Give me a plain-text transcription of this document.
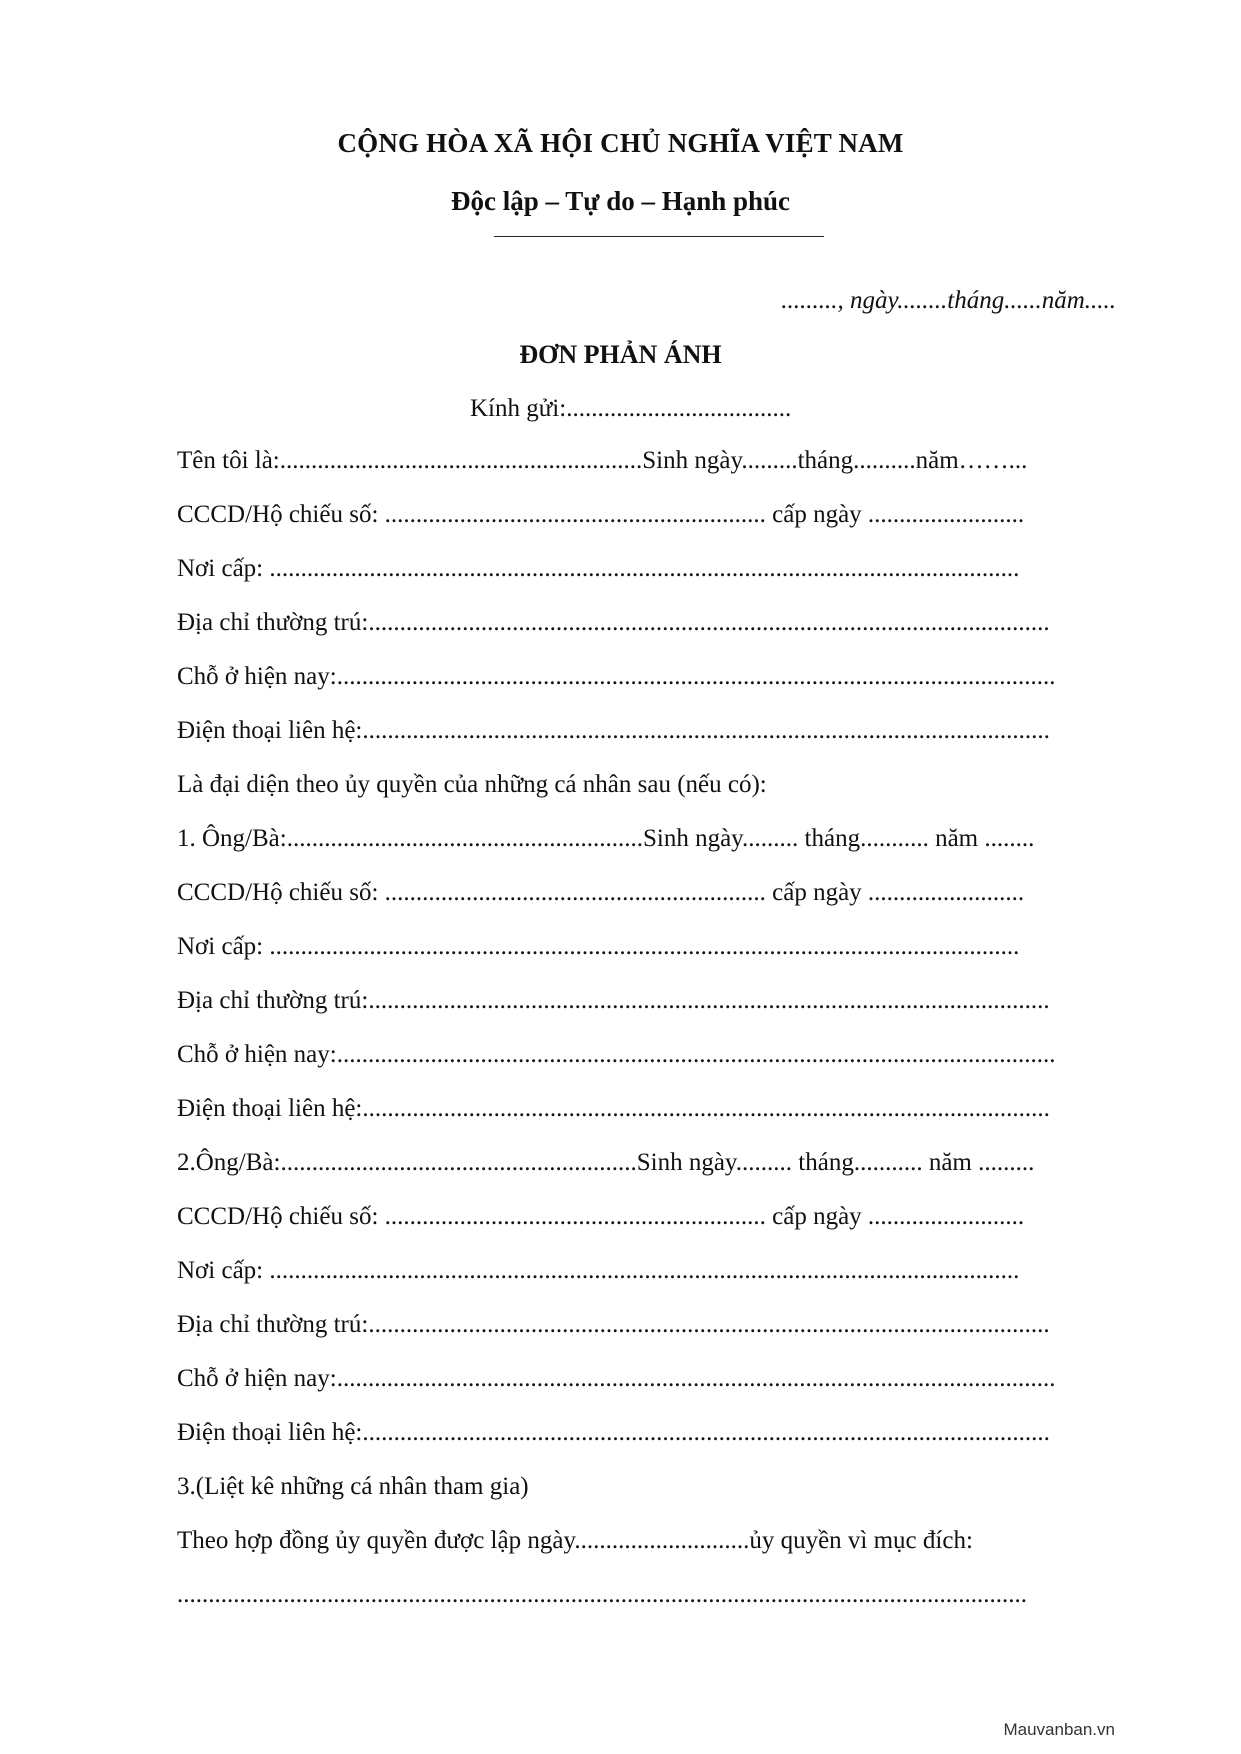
CỘNG HÒA XÃ HỘI CHỦ NGHĨA VIỆT NAM
Độc lập – Tự do – Hạnh phúc
........., ngày........tháng......năm.....
ĐƠN PHẢN ÁNH
Kính gửi:....................................
Tên tôi là:..........................................................Sinh ngày.........tháng..........năm……...
CCCD/Hộ chiếu số: ............................................................. cấp ngày .........................
Nơi cấp: ........................................................................................................................
Địa chỉ thường trú:.............................................................................................................
Chỗ ở hiện nay:...................................................................................................................
Điện thoại liên hệ:..............................................................................................................
Là đại diện theo ủy quyền của những cá nhân sau (nếu có):
1. Ông/Bà:.........................................................Sinh ngày......... tháng........... năm ........
CCCD/Hộ chiếu số: ............................................................. cấp ngày .........................
Nơi cấp: ........................................................................................................................
Địa chỉ thường trú:.............................................................................................................
Chỗ ở hiện nay:...................................................................................................................
Điện thoại liên hệ:..............................................................................................................
2.Ông/Bà:.........................................................Sinh ngày......... tháng........... năm .........
CCCD/Hộ chiếu số: ............................................................. cấp ngày .........................
Nơi cấp: ........................................................................................................................
Địa chỉ thường trú:.............................................................................................................
Chỗ ở hiện nay:...................................................................................................................
Điện thoại liên hệ:..............................................................................................................
3.(Liệt kê những cá nhân tham gia)
Theo hợp đồng ủy quyền được lập ngày............................ủy quyền vì mục đích:
........................................................................................................................................
Mauvanban.vn
